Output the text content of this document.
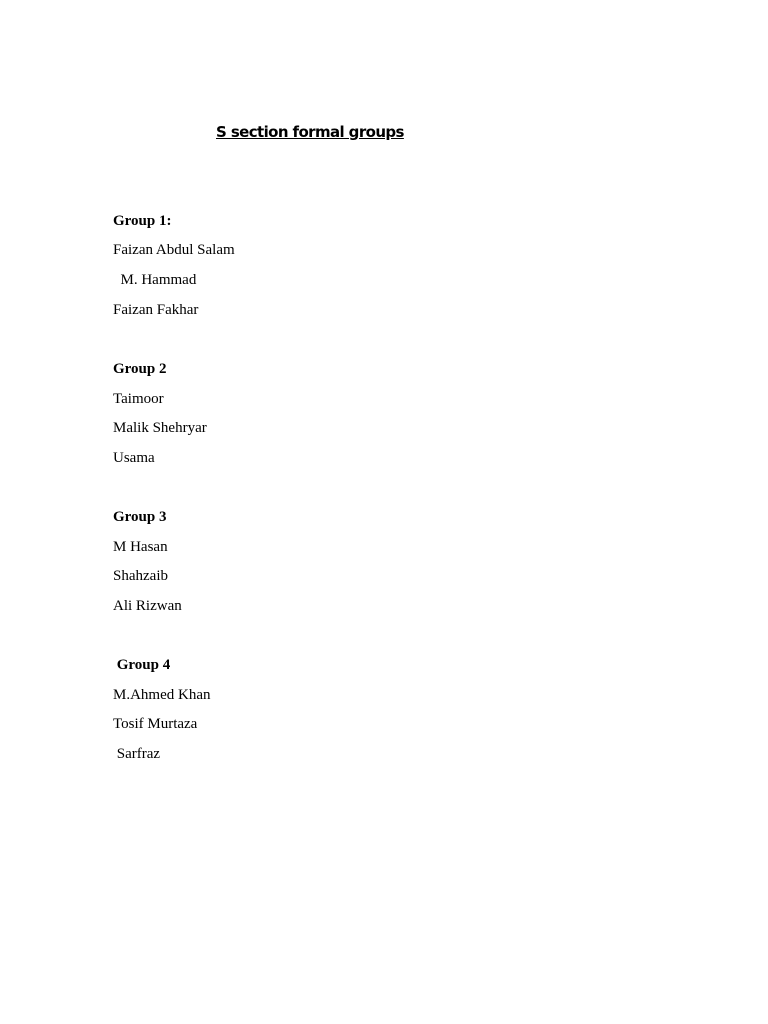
S section formal groups
Group 1:
Faizan Abdul Salam
M. Hammad
Faizan Fakhar
Group 2
Taimoor
Malik Shehryar
Usama
Group 3
M Hasan
Shahzaib
Ali Rizwan
Group 4
M.Ahmed Khan
Tosif Murtaza
Sarfraz
